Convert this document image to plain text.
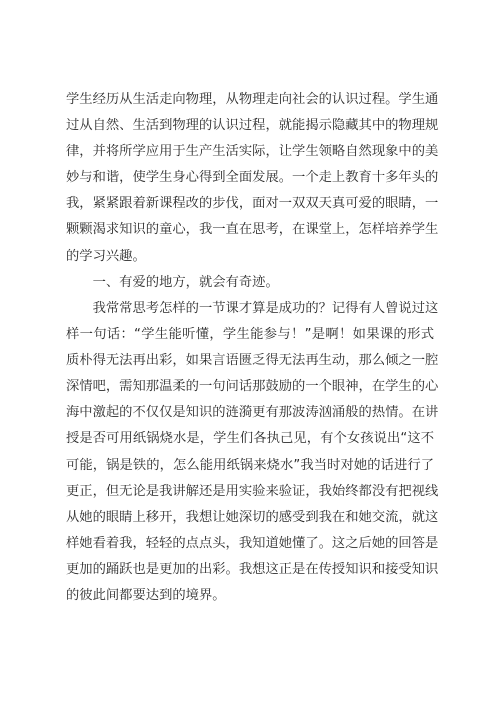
学生经历从生活走向物理，从物理走向社会的认识过程。学生通
过从自然、生活到物理的认识过程，就能揭示隐藏其中的物理规
律，并将所学应用于生产生活实际，让学生领略自然现象中的美
妙与和谐，使学生身心得到全面发展。一个走上教育十多年头的
我，紧紧跟着新课程改的步伐，面对一双双天真可爱的眼睛，一
颗颗渴求知识的童心，我一直在思考，在课堂上，怎样培养学生
的学习兴趣。
一、有爱的地方，就会有奇迹。
我常常思考怎样的一节课才算是成功的？记得有人曾说过这
样一句话：“学生能听懂，学生能参与！”是啊！如果课的形式
质朴得无法再出彩，如果言语匮乏得无法再生动，那么倾之一腔
深情吧，需知那温柔的一句问话那鼓励的一个眼神，在学生的心
海中激起的不仅仅是知识的涟漪更有那波涛汹涌般的热情。在讲
授是否可用纸锅烧水是，学生们各执己见，有个女孩说出“这不
可能，锅是铁的，怎么能用纸锅来烧水”我当时对她的话进行了
更正，但无论是我讲解还是用实验来验证，我始终都没有把视线
从她的眼睛上移开，我想让她深切的感受到我在和她交流，就这
样她看着我，轻轻的点点头，我知道她懂了。这之后她的回答是
更加的踊跃也是更加的出彩。我想这正是在传授知识和接受知识
的彼此间都要达到的境界。
